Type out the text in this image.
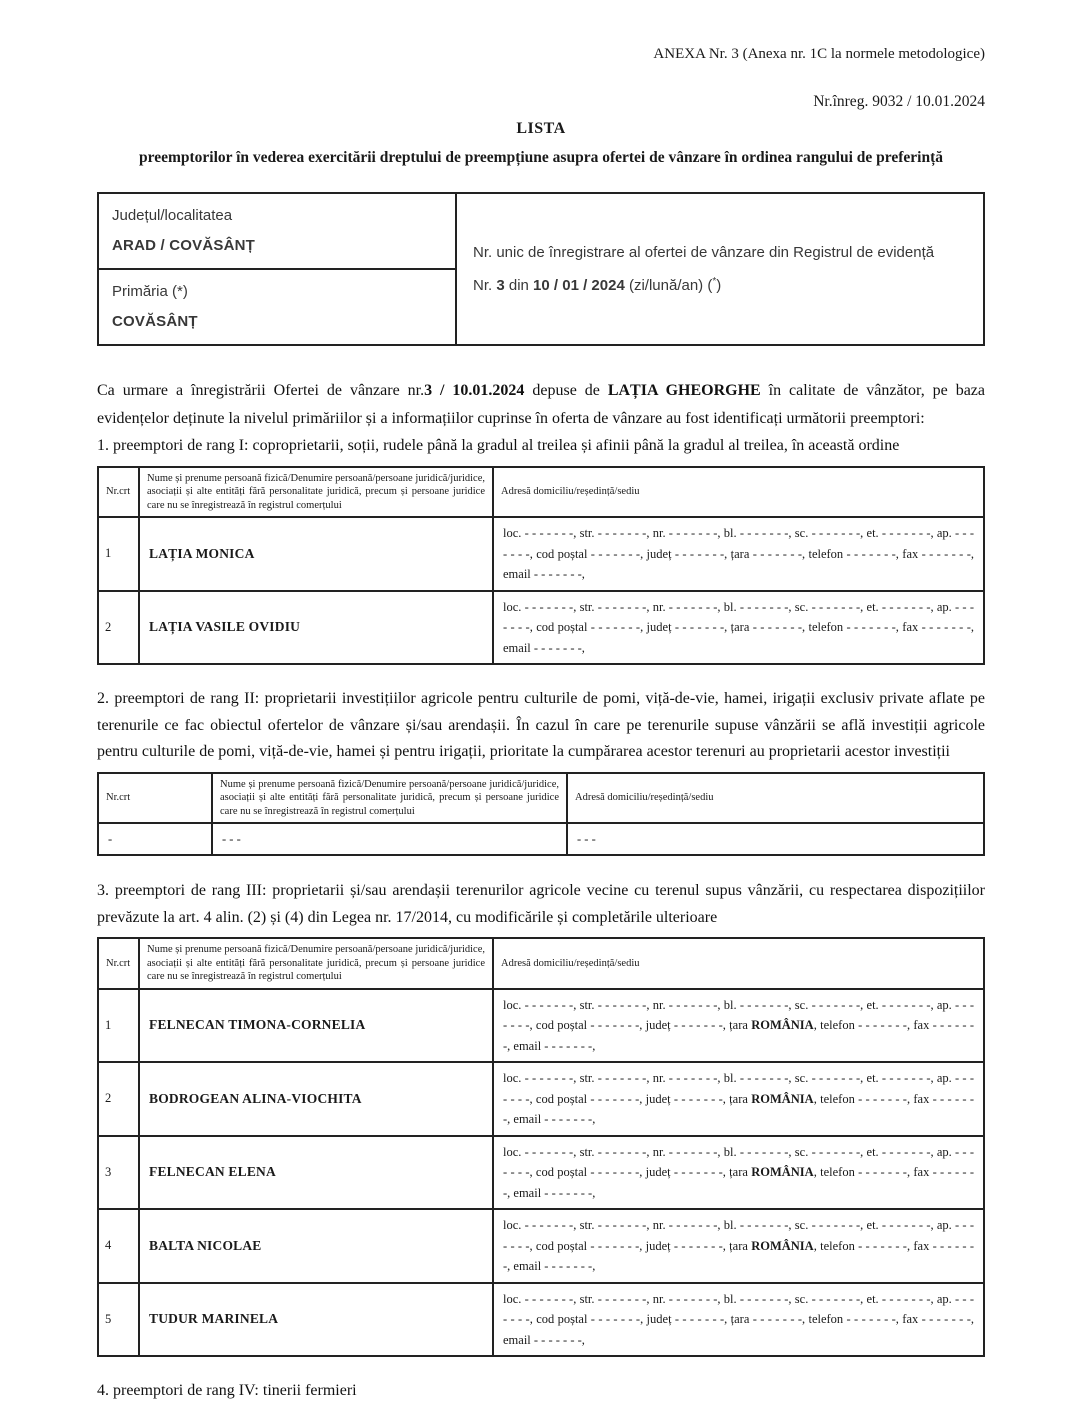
ANEXA Nr. 3 (Anexa nr. 1C la normele metodologice)
Nr.înreg. 9032 / 10.01.2024
LISTA
preemptorilor în vederea exercitării dreptului de preempțiune asupra ofertei de vânzare în ordinea rangului de preferință
Județul/localitatea
ARAD / COVĂSÂNȚ	Nr. unic de înregistrare al ofertei de vânzare din Registrul de evidență
Nr. 3 din 10 / 01 / 2024 (zi/lună/an) (*)

Primăria (*)
COVĂSÂNȚ

Ca urmare a înregistrării Ofertei de vânzare nr.3 / 10.01.2024 depuse de LAȚIA GHEORGHE în calitate de vânzător, pe baza evidențelor deținute la nivelul primăriilor și a informațiilor cuprinse în oferta de vânzare au fost identificați următorii preemptori:

1. preemptori de rang I: coproprietarii, soții, rudele până la gradul al treilea și afinii până la gradul al treilea, în această ordine
Nr.crt	Nume și prenume persoană fizică/Denumire persoană/persoane juridică/juridice, asociații și alte entități fără personalitate juridică, precum și persoane juridice care nu se înregistrează în registrul comerțului	Adresă domiciliu/reședință/sediu
1	LAȚIA MONICA	loc. - - - - - - -, str. - - - - - - -, nr. - - - - - - -, bl. - - - - - - -, sc. - - - - - - -, et. - - - - - - -, ap. - - - - - - -, cod poștal - - - - - - -, județ - - - - - - -, țara - - - - - - -, telefon - - - - - - -, fax - - - - - - -, email - - - - - - -,
2	LAȚIA VASILE OVIDIU	loc. - - - - - - -, str. - - - - - - -, nr. - - - - - - -, bl. - - - - - - -, sc. - - - - - - -, et. - - - - - - -, ap. - - - - - - -, cod poștal - - - - - - -, județ - - - - - - -, țara - - - - - - -, telefon - - - - - - -, fax - - - - - - -, email - - - - - - -,
2. preemptori de rang II: proprietarii investițiilor agricole pentru culturile de pomi, viță-de-vie, hamei, irigații exclusiv private aflate pe terenurile ce fac obiectul ofertelor de vânzare și/sau arendașii. În cazul în care pe terenurile supuse vânzării se află investiții agricole pentru culturile de pomi, viță-de-vie, hamei și pentru irigații, prioritate la cumpărarea acestor terenuri au proprietarii acestor investiții
Nr.crt	Nume și prenume persoană fizică/Denumire persoană/persoane juridică/juridice, asociații și alte entități fără personalitate juridică, precum și persoane juridice care nu se înregistrează în registrul comerțului	Adresă domiciliu/reședință/sediu
-	- - -	- - -
3. preemptori de rang III: proprietarii și/sau arendașii terenurilor agricole vecine cu terenul supus vânzării, cu respectarea dispozițiilor prevăzute la art. 4 alin. (2) și (4) din Legea nr. 17/2014, cu modificările și completările ulterioare
Nr.crt	Nume și prenume persoană fizică/Denumire persoană/persoane juridică/juridice, asociații și alte entități fără personalitate juridică, precum și persoane juridice care nu se înregistrează în registrul comerțului	Adresă domiciliu/reședință/sediu
1	FELNECAN TIMONA-CORNELIA	loc. - - - - - - -, str. - - - - - - -, nr. - - - - - - -, bl. - - - - - - -, sc. - - - - - - -, et. - - - - - - -, ap. - - - - - - -, cod poștal - - - - - - -, județ - - - - - - -, țara ROMÂNIA, telefon - - - - - - -, fax - - - - - - -, email - - - - - - -,
2	BODROGEAN ALINA-VIOCHITA	loc. - - - - - - -, str. - - - - - - -, nr. - - - - - - -, bl. - - - - - - -, sc. - - - - - - -, et. - - - - - - -, ap. - - - - - - -, cod poștal - - - - - - -, județ - - - - - - -, țara ROMÂNIA, telefon - - - - - - -, fax - - - - - - -, email - - - - - - -,
3	FELNECAN ELENA	loc. - - - - - - -, str. - - - - - - -, nr. - - - - - - -, bl. - - - - - - -, sc. - - - - - - -, et. - - - - - - -, ap. - - - - - - -, cod poștal - - - - - - -, județ - - - - - - -, țara ROMÂNIA, telefon - - - - - - -, fax - - - - - - -, email - - - - - - -,
4	BALTA NICOLAE	loc. - - - - - - -, str. - - - - - - -, nr. - - - - - - -, bl. - - - - - - -, sc. - - - - - - -, et. - - - - - - -, ap. - - - - - - -, cod poștal - - - - - - -, județ - - - - - - -, țara ROMÂNIA, telefon - - - - - - -, fax - - - - - - -, email - - - - - - -,
5	TUDUR MARINELA	loc. - - - - - - -, str. - - - - - - -, nr. - - - - - - -, bl. - - - - - - -, sc. - - - - - - -, et. - - - - - - -, ap. - - - - - - -, cod poștal - - - - - - -, județ - - - - - - -, țara - - - - - - -, telefon - - - - - - -, fax - - - - - - -, email - - - - - - -,
4. preemptori de rang IV: tinerii fermieri
